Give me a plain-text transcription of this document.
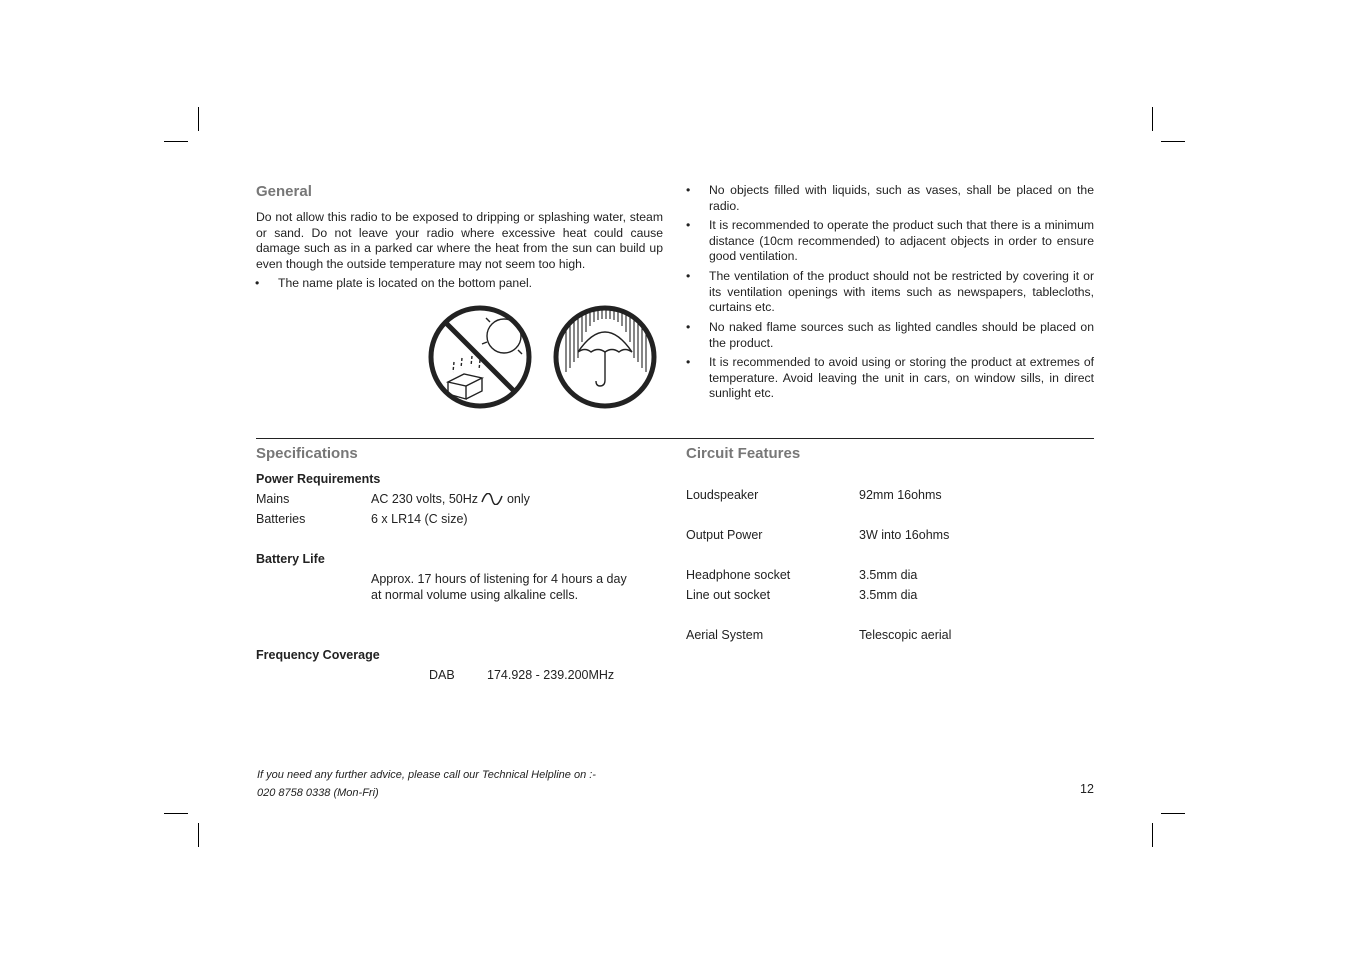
General

Do not allow this radio to be exposed to dripping or splashing water, steam or sand. Do not leave your radio where excessive heat could cause damage such as in a parked car where the heat from the sun can build up even though the outside temperature may not seem too high.

• The name plate is located on the bottom panel.
• No objects filled with liquids, such as vases, shall be placed on the radio.
• It is recommended to operate the product such that there is a minimum distance (10cm recommended) to adjacent objects in order to ensure good ventilation.
• The ventilation of the product should not be restricted by covering it or its ventilation openings with items such as newspapers, tablecloths, curtains etc.
• No naked flame sources such as lighted candles should be placed on the product.
• It is recommended to avoid using or storing the product at extremes of temperature. Avoid leaving the unit in cars, on window sills, in direct sunlight etc.
Specifications
Power Requirements
Mains	AC 230 volts, 50Hz only
Batteries	6 x LR14 (C size)
Battery Life
Approx. 17 hours of listening for 4 hours a day
at normal volume using alkaline cells.
Frequency Coverage
DAB	174.928 - 239.200MHz
Circuit Features
Loudspeaker	92mm 16ohms
Output Power	3W into 16ohms
Headphone socket	3.5mm dia
Line out socket	3.5mm dia
Aerial System	Telescopic aerial
If you need any further advice, please call our Technical Helpline on :-
020 8758 0338 (Mon-Fri)	12
